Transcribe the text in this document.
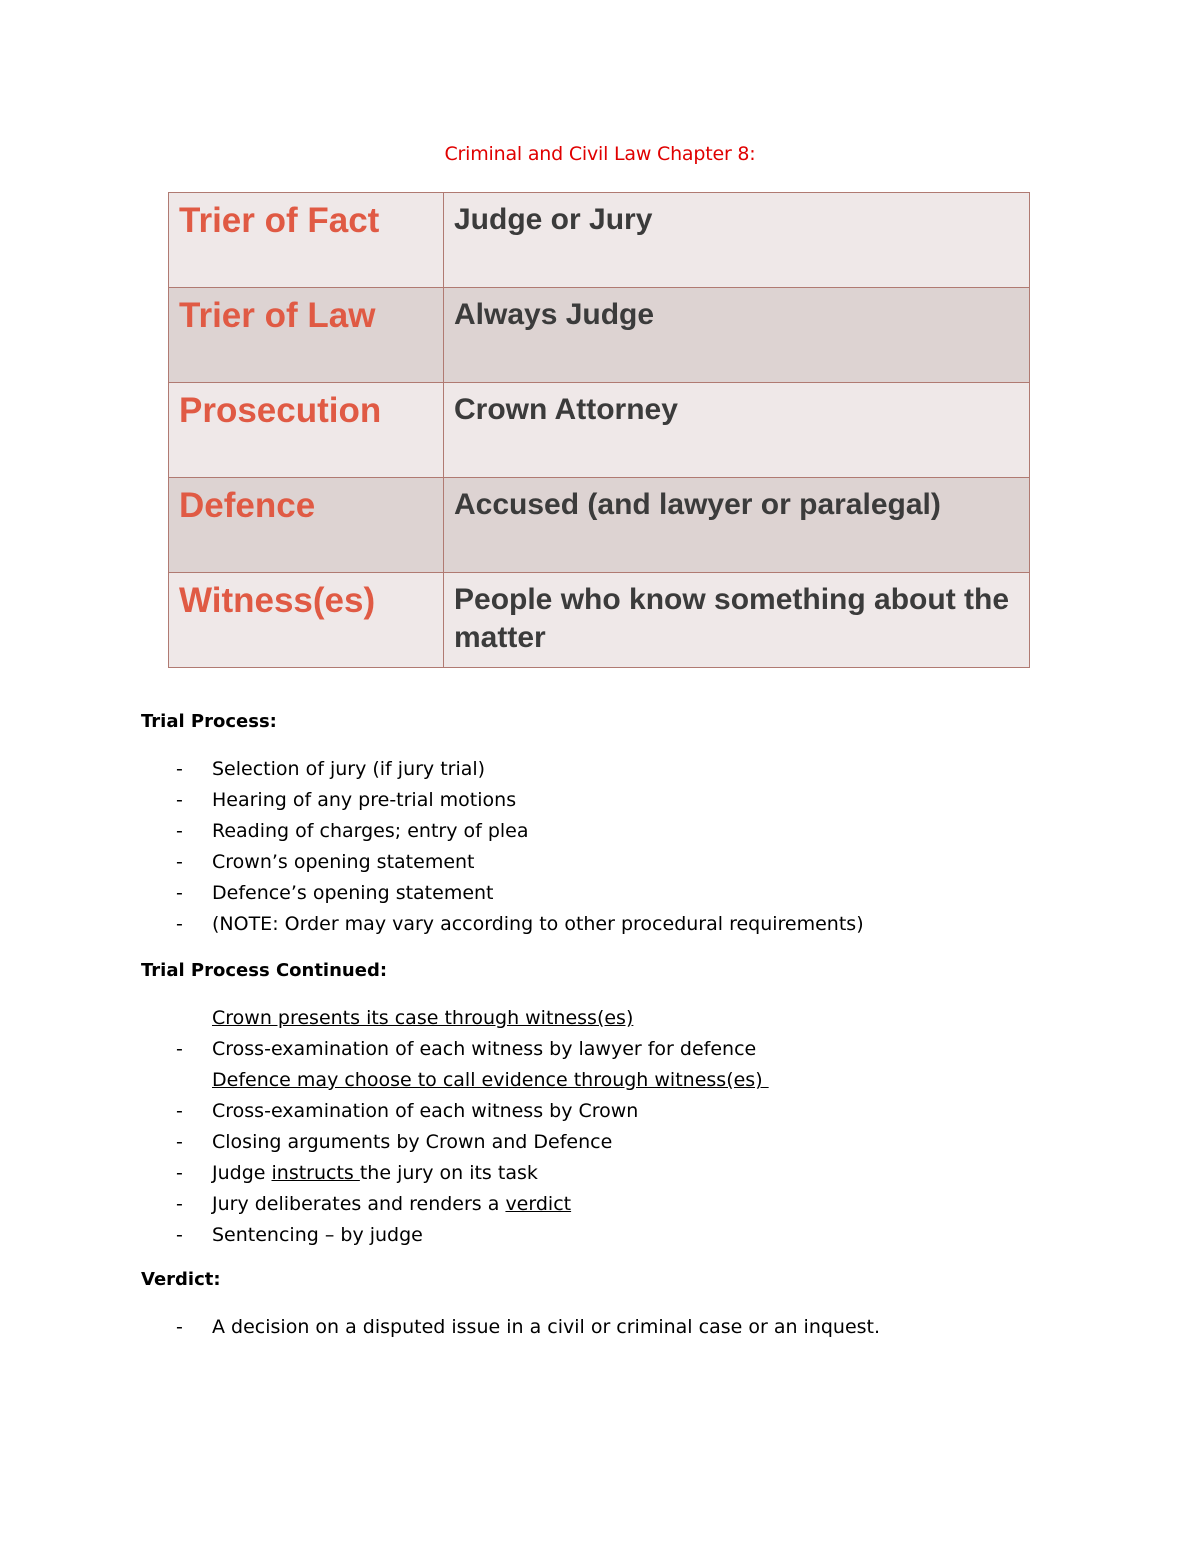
Criminal and Civil Law Chapter 8:
Trier of Fact	Judge or Jury
Trier of Law	Always Judge
Prosecution	Crown Attorney
Defence	Accused (and lawyer or paralegal)
Witness(es)	People who know something about the matter
Trial Process:
- Selection of jury (if jury trial)
- Hearing of any pre-trial motions
- Reading of charges; entry of plea
- Crown’s opening statement
- Defence’s opening statement
- (NOTE: Order may vary according to other procedural requirements)
Trial Process Continued:
Crown presents its case through witness(es)
- Cross-examination of each witness by lawyer for defence
Defence may choose to call evidence through witness(es)
- Cross-examination of each witness by Crown
- Closing arguments by Crown and Defence
- Judge instructs the jury on its task
- Jury deliberates and renders a verdict
- Sentencing – by judge
Verdict:
- A decision on a disputed issue in a civil or criminal case or an inquest.
